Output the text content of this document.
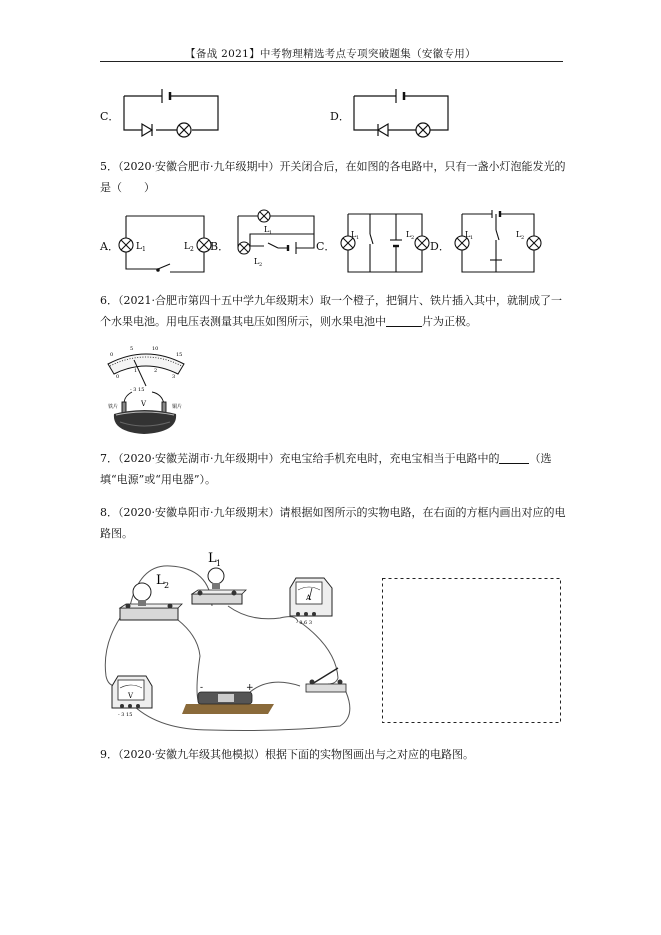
【备战 2021】中考物理精选考点专项突破题集（安徽专用）
C．	D．
5．（2020·安徽合肥市·九年级期中）开关闭合后，在如图的各电路中，只有一盏小灯泡能发光的是（　　）
A． L 1	L 2 B．
L 1
L 2
C．
L 1	L 2
D．
L 1	L 2
6．（2021·合肥市第四十五中学九年级期末）取一个橙子，把铜片、铁片插入其中，就制成了一个水果电池。用电压表测量其电压如图所示，则水果电池中	片为正极。
0
5	10
15
0
1	2
3
- 3 15
V
铁片	铜片
7．（2020·安徽芜湖市·九年级期中）充电宝给手机充电时，充电宝相当于电路中的	（选填“电源”或“用电器”）。
8．（2020·安徽阜阳市·九年级期末）请根据如图所示的实物电路，在右面的方框内画出对应的电路图。
L 2
L 1
A
- 0.6 3
V
- 3 15
-	+
9．（2020·安徽九年级其他模拟）根据下面的实物图画出与之对应的电路图。
